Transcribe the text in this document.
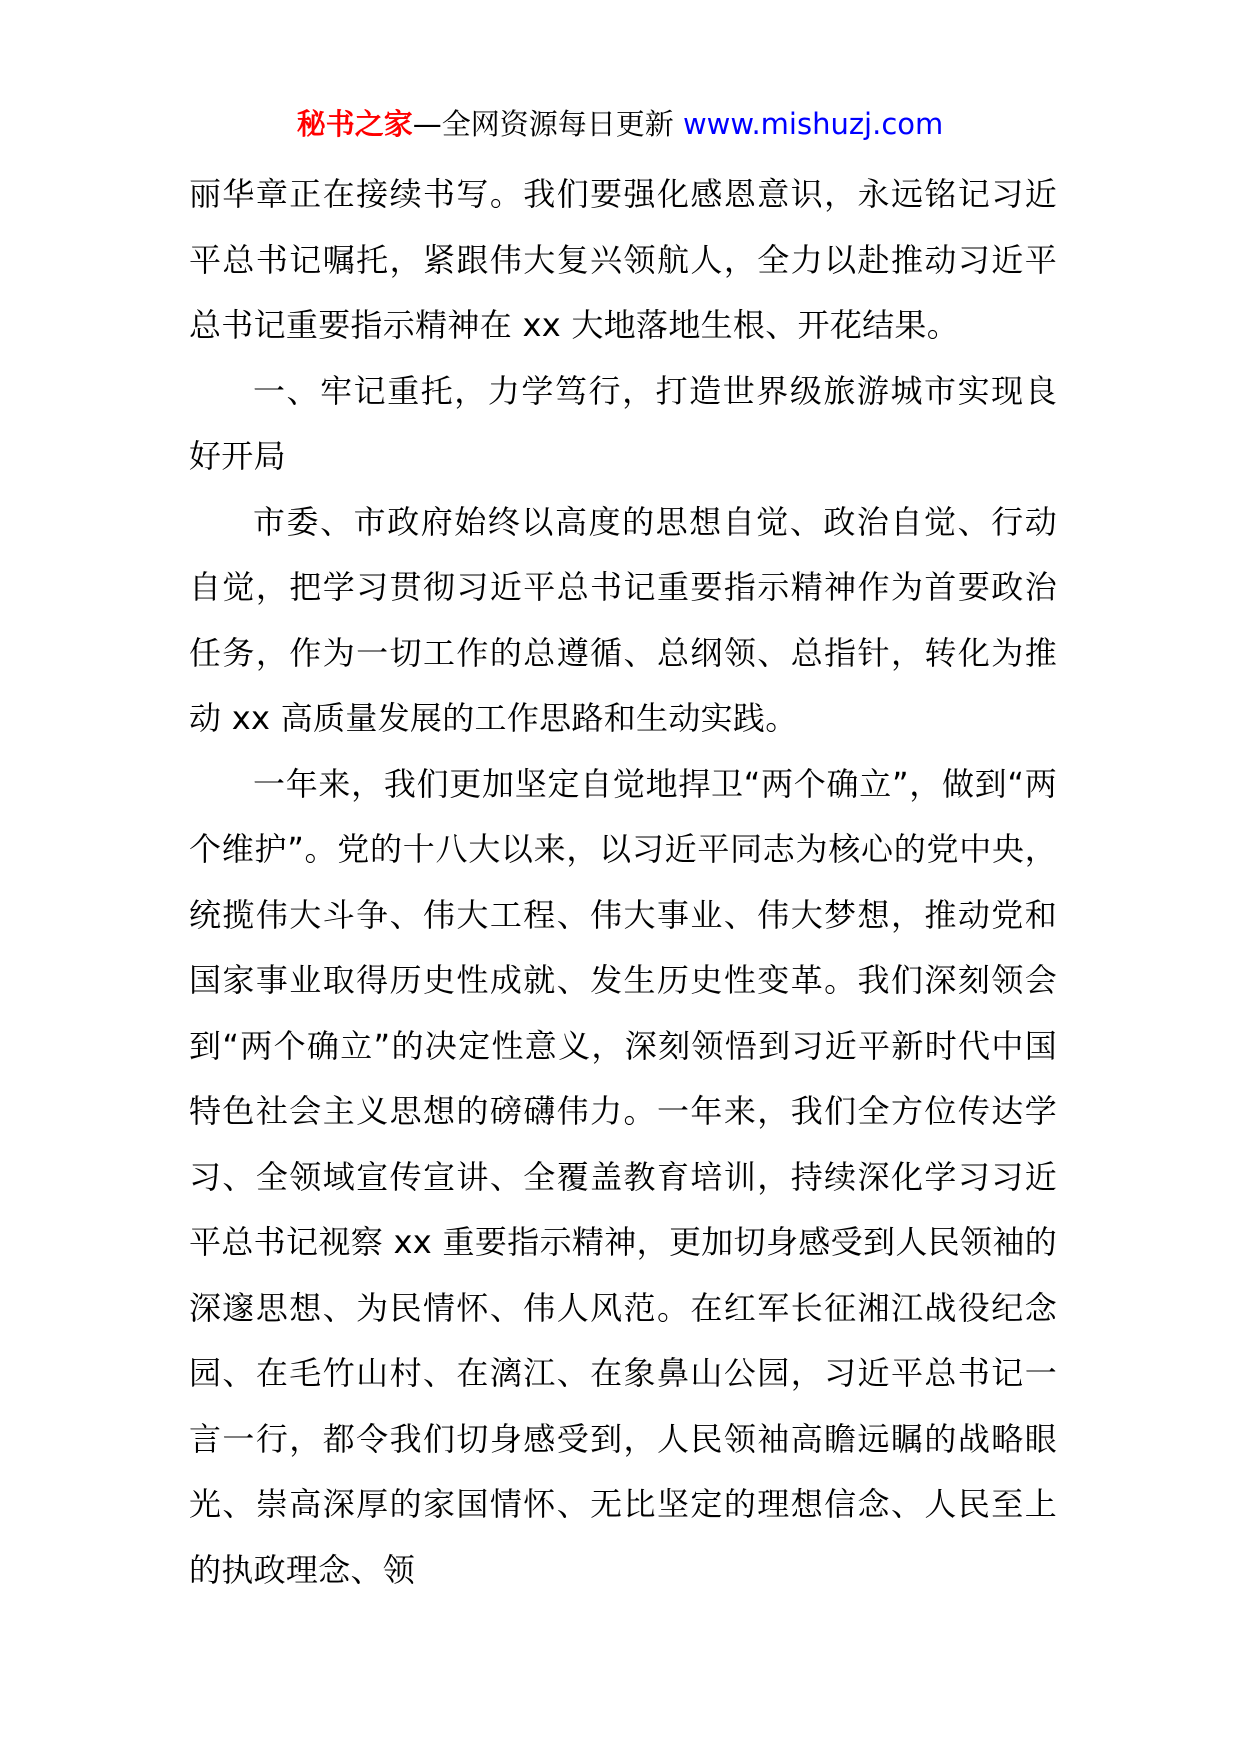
秘书之家—全网资源每日更新 www.mishuzj.com

丽华章正在接续书写。我们要强化感恩意识，永远铭记习近平总书记嘱托，紧跟伟大复兴领航人，全力以赴推动习近平总书记重要指示精神在 xx 大地落地生根、开花结果。

一、牢记重托，力学笃行，打造世界级旅游城市实现良好开局

市委、市政府始终以高度的思想自觉、政治自觉、行动自觉，把学习贯彻习近平总书记重要指示精神作为首要政治任务，作为一切工作的总遵循、总纲领、总指针，转化为推动 xx 高质量发展的工作思路和生动实践。

一年来，我们更加坚定自觉地捍卫“两个确立”，做到“两个维护”。党的十八大以来，以习近平同志为核心的党中央，统揽伟大斗争、伟大工程、伟大事业、伟大梦想，推动党和国家事业取得历史性成就、发生历史性变革。我们深刻领会到“两个确立”的决定性意义，深刻领悟到习近平新时代中国特色社会主义思想的磅礴伟力。一年来，我们全方位传达学习、全领域宣传宣讲、全覆盖教育培训，持续深化学习习近平总书记视察 xx 重要指示精神，更加切身感受到人民领袖的深邃思想、为民情怀、伟人风范。在红军长征湘江战役纪念园、在毛竹山村、在漓江、在象鼻山公园，习近平总书记一言一行，都令我们切身感受到，人民领袖高瞻远瞩的战略眼光、崇高深厚的家国情怀、无比坚定的理想信念、人民至上的执政理念、领
